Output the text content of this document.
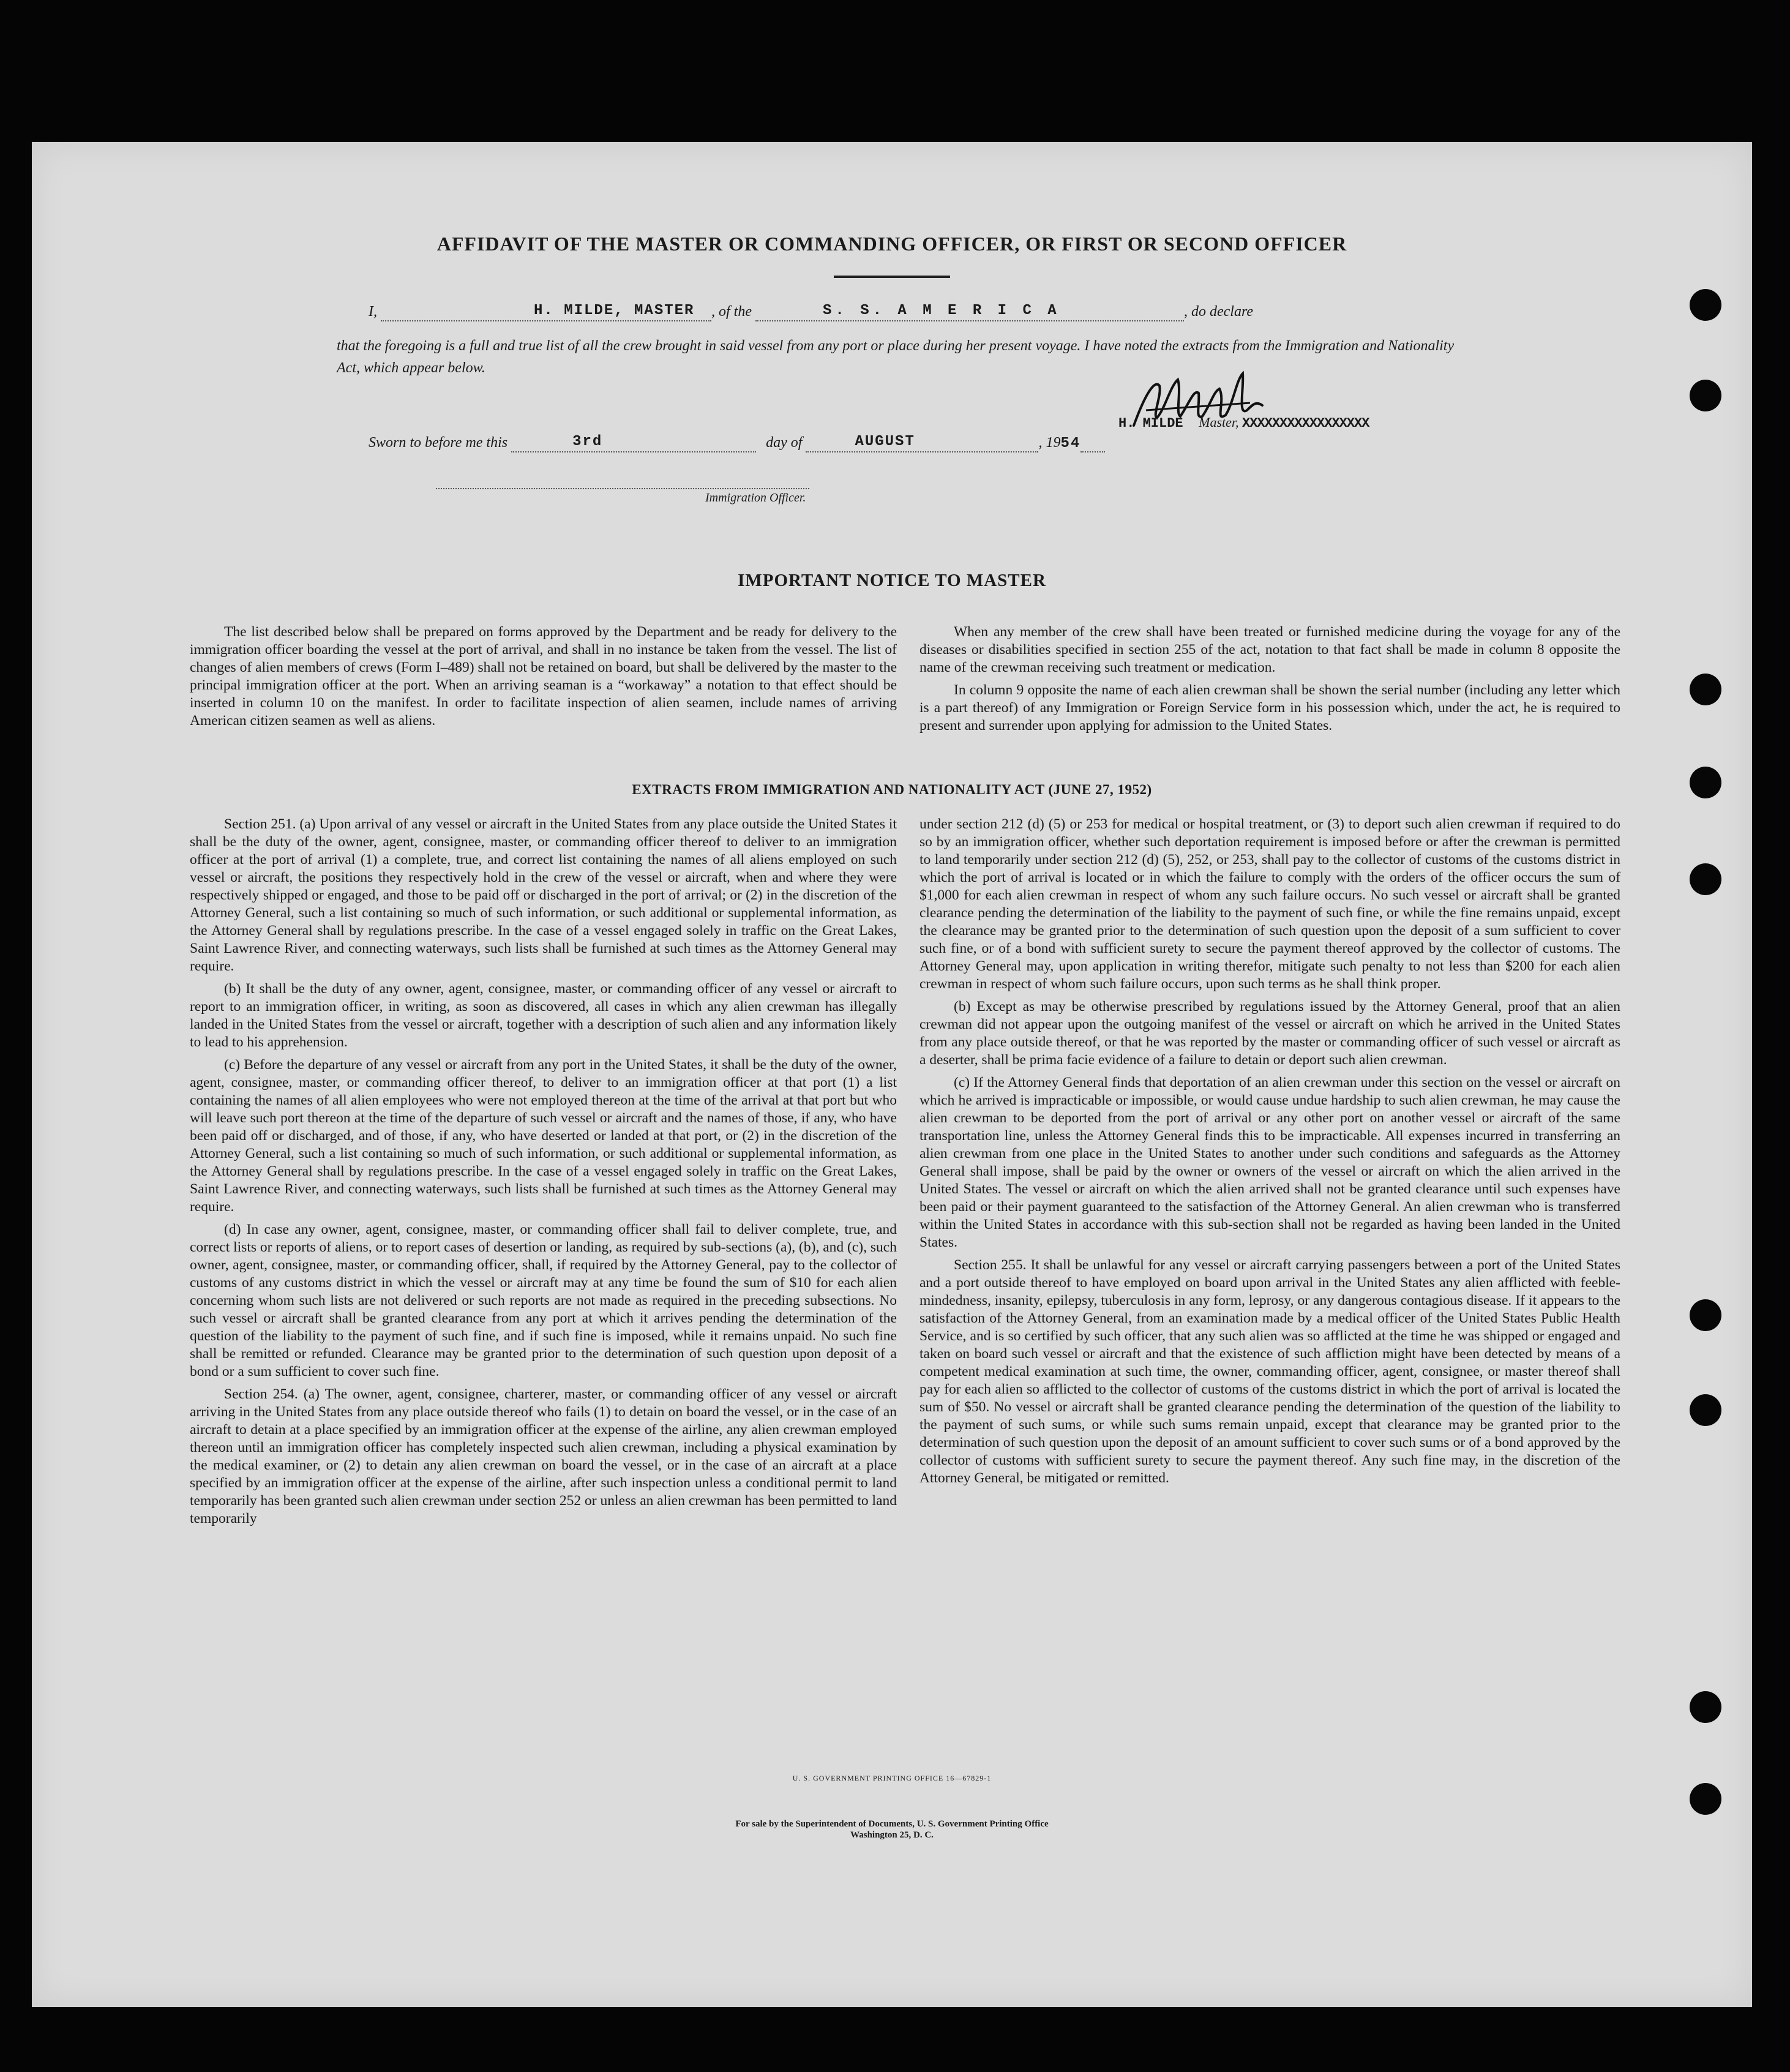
AFFIDAVIT OF THE MASTER OR COMMANDING OFFICER, OR FIRST OR SECOND OFFICER
I,	H. MILDE, MASTER , of the	S. S. A M E R I C A	, do declare
that the foregoing is a full and true list of all the crew brought in said vessel from any port or place during her present voyage. I have noted the extracts from the Immigration and Nationality Act, which appear below.
H. MILDE Master, XXXXXXXXXXXXXXXXX
Sworn to before me this	3rd	day of	AUGUST	, 1954
Immigration Officer.
IMPORTANT NOTICE TO MASTER

The list described below shall be prepared on forms approved by the Department and be ready for delivery to the immigration officer boarding the vessel at the port of arrival, and shall in no instance be taken from the vessel. The list of changes of alien members of crews (Form I–489) shall not be retained on board, but shall be delivered by the master to the principal immigration officer at the port. When an arriving seaman is a “workaway” a notation to that effect should be inserted in column 10 on the manifest. In order to facilitate inspection of alien seamen, include names of arriving American citizen seamen as well as aliens.

When any member of the crew shall have been treated or furnished medicine during the voyage for any of the diseases or disabilities specified in section 255 of the act, notation to that fact shall be made in column 8 opposite the name of the crewman receiving such treatment or medication.

In column 9 opposite the name of each alien crewman shall be shown the serial number (including any letter which is a part thereof) of any Immigration or Foreign Service form in his possession which, under the act, he is required to present and surrender upon applying for admission to the United States.

EXTRACTS FROM IMMIGRATION AND NATIONALITY ACT (JUNE 27, 1952)

Section 251. (a) Upon arrival of any vessel or aircraft in the United States from any place outside the United States it shall be the duty of the owner, agent, consignee, master, or commanding officer thereof to deliver to an immigration officer at the port of arrival (1) a complete, true, and correct list containing the names of all aliens employed on such vessel or aircraft, the positions they respectively hold in the crew of the vessel or aircraft, when and where they were respectively shipped or engaged, and those to be paid off or discharged in the port of arrival; or (2) in the discretion of the Attorney General, such a list containing so much of such information, or such additional or supplemental information, as the Attorney General shall by regulations prescribe. In the case of a vessel engaged solely in traffic on the Great Lakes, Saint Lawrence River, and connecting waterways, such lists shall be furnished at such times as the Attorney General may require.

(b) It shall be the duty of any owner, agent, consignee, master, or commanding officer of any vessel or aircraft to report to an immigration officer, in writing, as soon as discovered, all cases in which any alien crewman has illegally landed in the United States from the vessel or aircraft, together with a description of such alien and any information likely to lead to his apprehension.

(c) Before the departure of any vessel or aircraft from any port in the United States, it shall be the duty of the owner, agent, consignee, master, or commanding officer thereof, to deliver to an immigration officer at that port (1) a list containing the names of all alien employees who were not employed thereon at the time of the arrival at that port but who will leave such port thereon at the time of the departure of such vessel or aircraft and the names of those, if any, who have been paid off or discharged, and of those, if any, who have deserted or landed at that port, or (2) in the discretion of the Attorney General, such a list containing so much of such information, or such additional or supplemental information, as the Attorney General shall by regulations prescribe. In the case of a vessel engaged solely in traffic on the Great Lakes, Saint Lawrence River, and connecting waterways, such lists shall be furnished at such times as the Attorney General may require.

(d) In case any owner, agent, consignee, master, or commanding officer shall fail to deliver complete, true, and correct lists or reports of aliens, or to report cases of desertion or landing, as required by sub-sections (a), (b), and (c), such owner, agent, consignee, master, or commanding officer, shall, if required by the Attorney General, pay to the collector of customs of any customs district in which the vessel or aircraft may at any time be found the sum of $10 for each alien concerning whom such lists are not delivered or such reports are not made as required in the preceding subsections. No such vessel or aircraft shall be granted clearance from any port at which it arrives pending the determination of the question of the liability to the payment of such fine, and if such fine is imposed, while it remains unpaid. No such fine shall be remitted or refunded. Clearance may be granted prior to the determination of such question upon deposit of a bond or a sum sufficient to cover such fine.

Section 254. (a) The owner, agent, consignee, charterer, master, or commanding officer of any vessel or aircraft arriving in the United States from any place outside thereof who fails (1) to detain on board the vessel, or in the case of an aircraft to detain at a place specified by an immigration officer at the expense of the airline, any alien crewman employed thereon until an immigration officer has completely inspected such alien crewman, including a physical examination by the medical examiner, or (2) to detain any alien crewman on board the vessel, or in the case of an aircraft at a place specified by an immigration officer at the expense of the airline, after such inspection unless a conditional permit to land temporarily has been granted such alien crewman under section 252 or unless an alien crewman has been permitted to land temporarily

under section 212 (d) (5) or 253 for medical or hospital treatment, or (3) to deport such alien crewman if required to do so by an immigration officer, whether such deportation requirement is imposed before or after the crewman is permitted to land temporarily under section 212 (d) (5), 252, or 253, shall pay to the collector of customs of the customs district in which the port of arrival is located or in which the failure to comply with the orders of the officer occurs the sum of $1,000 for each alien crewman in respect of whom any such failure occurs. No such vessel or aircraft shall be granted clearance pending the determination of the liability to the payment of such fine, or while the fine remains unpaid, except the clearance may be granted prior to the determination of such question upon the deposit of a sum sufficient to cover such fine, or of a bond with sufficient surety to secure the payment thereof approved by the collector of customs. The Attorney General may, upon application in writing therefor, mitigate such penalty to not less than $200 for each alien crewman in respect of whom such failure occurs, upon such terms as he shall think proper.

(b) Except as may be otherwise prescribed by regulations issued by the Attorney General, proof that an alien crewman did not appear upon the outgoing manifest of the vessel or aircraft on which he arrived in the United States from any place outside thereof, or that he was reported by the master or commanding officer of such vessel or aircraft as a deserter, shall be prima facie evidence of a failure to detain or deport such alien crewman.

(c) If the Attorney General finds that deportation of an alien crewman under this section on the vessel or aircraft on which he arrived is impracticable or impossible, or would cause undue hardship to such alien crewman, he may cause the alien crewman to be deported from the port of arrival or any other port on another vessel or aircraft of the same transportation line, unless the Attorney General finds this to be impracticable. All expenses incurred in transferring an alien crewman from one place in the United States to another under such conditions and safeguards as the Attorney General shall impose, shall be paid by the owner or owners of the vessel or aircraft on which the alien arrived in the United States. The vessel or aircraft on which the alien arrived shall not be granted clearance until such expenses have been paid or their payment guaranteed to the satisfaction of the Attorney General. An alien crewman who is transferred within the United States in accordance with this sub-section shall not be regarded as having been landed in the United States.

Section 255. It shall be unlawful for any vessel or aircraft carrying passengers between a port of the United States and a port outside thereof to have employed on board upon arrival in the United States any alien afflicted with feeble-mindedness, insanity, epilepsy, tuberculosis in any form, leprosy, or any dangerous contagious disease. If it appears to the satisfaction of the Attorney General, from an examination made by a medical officer of the United States Public Health Service, and is so certified by such officer, that any such alien was so afflicted at the time he was shipped or engaged and taken on board such vessel or aircraft and that the existence of such affliction might have been detected by means of a competent medical examination at such time, the owner, commanding officer, agent, consignee, or master thereof shall pay for each alien so afflicted to the collector of customs of the customs district in which the port of arrival is located the sum of $50. No vessel or aircraft shall be granted clearance pending the determination of the question of the liability to the payment of such sums, or while such sums remain unpaid, except that clearance may be granted prior to the determination of such question upon the deposit of an amount sufficient to cover such sums or of a bond approved by the collector of customs with sufficient surety to secure the payment thereof. Any such fine may, in the discretion of the Attorney General, be mitigated or remitted.

U. S. GOVERNMENT PRINTING OFFICE 16—67829-1
For sale by the Superintendent of Documents, U. S. Government Printing Office
Washington 25, D. C.
